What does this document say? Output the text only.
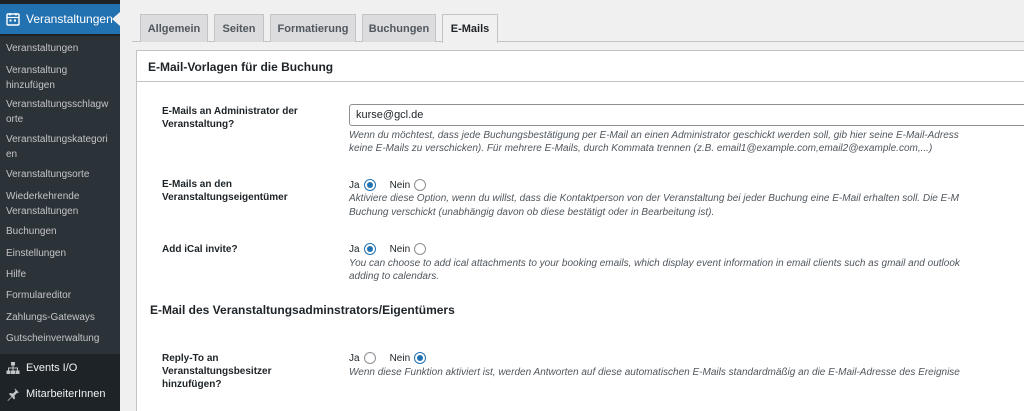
Veranstaltungen
Veranstaltungen
Veranstaltung hinzufügen
Veranstaltungsschlagworte
Veranstaltungskategorien
Veranstaltungsorte
Wiederkehrende Veranstaltungen
Buchungen
Einstellungen
Hilfe
Formulareditor
Zahlungs-Gateways
Gutscheinverwaltung
Events I/O
MitarbeiterInnen
Allgemein	Seiten	Formatierung	Buchungen	E-Mails
E-Mail-Vorlagen für die Buchung
E-Mails an Administrator der Veranstaltung?
kurse@gcl.de
Wenn du möchtest, dass jede Buchungsbestätigung per E-Mail an einen Administrator geschickt werden soll, gib hier seine E-Mail-Adress
keine E-Mails zu verschicken). Für mehrere E-Mails, durch Kommata trennen (z.B. email1@example.com,email2@example.com,...)
E-Mails an den Veranstaltungseigentümer
Ja	Nein
Aktiviere diese Option, wenn du willst, dass die Kontaktperson von der Veranstaltung bei jeder Buchung eine E-Mail erhalten soll. Die E-M
Buchung verschickt (unabhängig davon ob diese bestätigt oder in Bearbeitung ist).
Add iCal invite?	Ja	Nein
You can choose to add ical attachments to your booking emails, which display event information in email clients such as gmail and outlook
adding to calendars.
E-Mail des Veranstaltungsadminstrators/Eigentümers
Reply-To an Veranstaltungsbesitzer hinzufügen?
Ja	Nein
Wenn diese Funktion aktiviert ist, werden Antworten auf diese automatischen E-Mails standardmäßig an die E-Mail-Adresse des Ereignise
